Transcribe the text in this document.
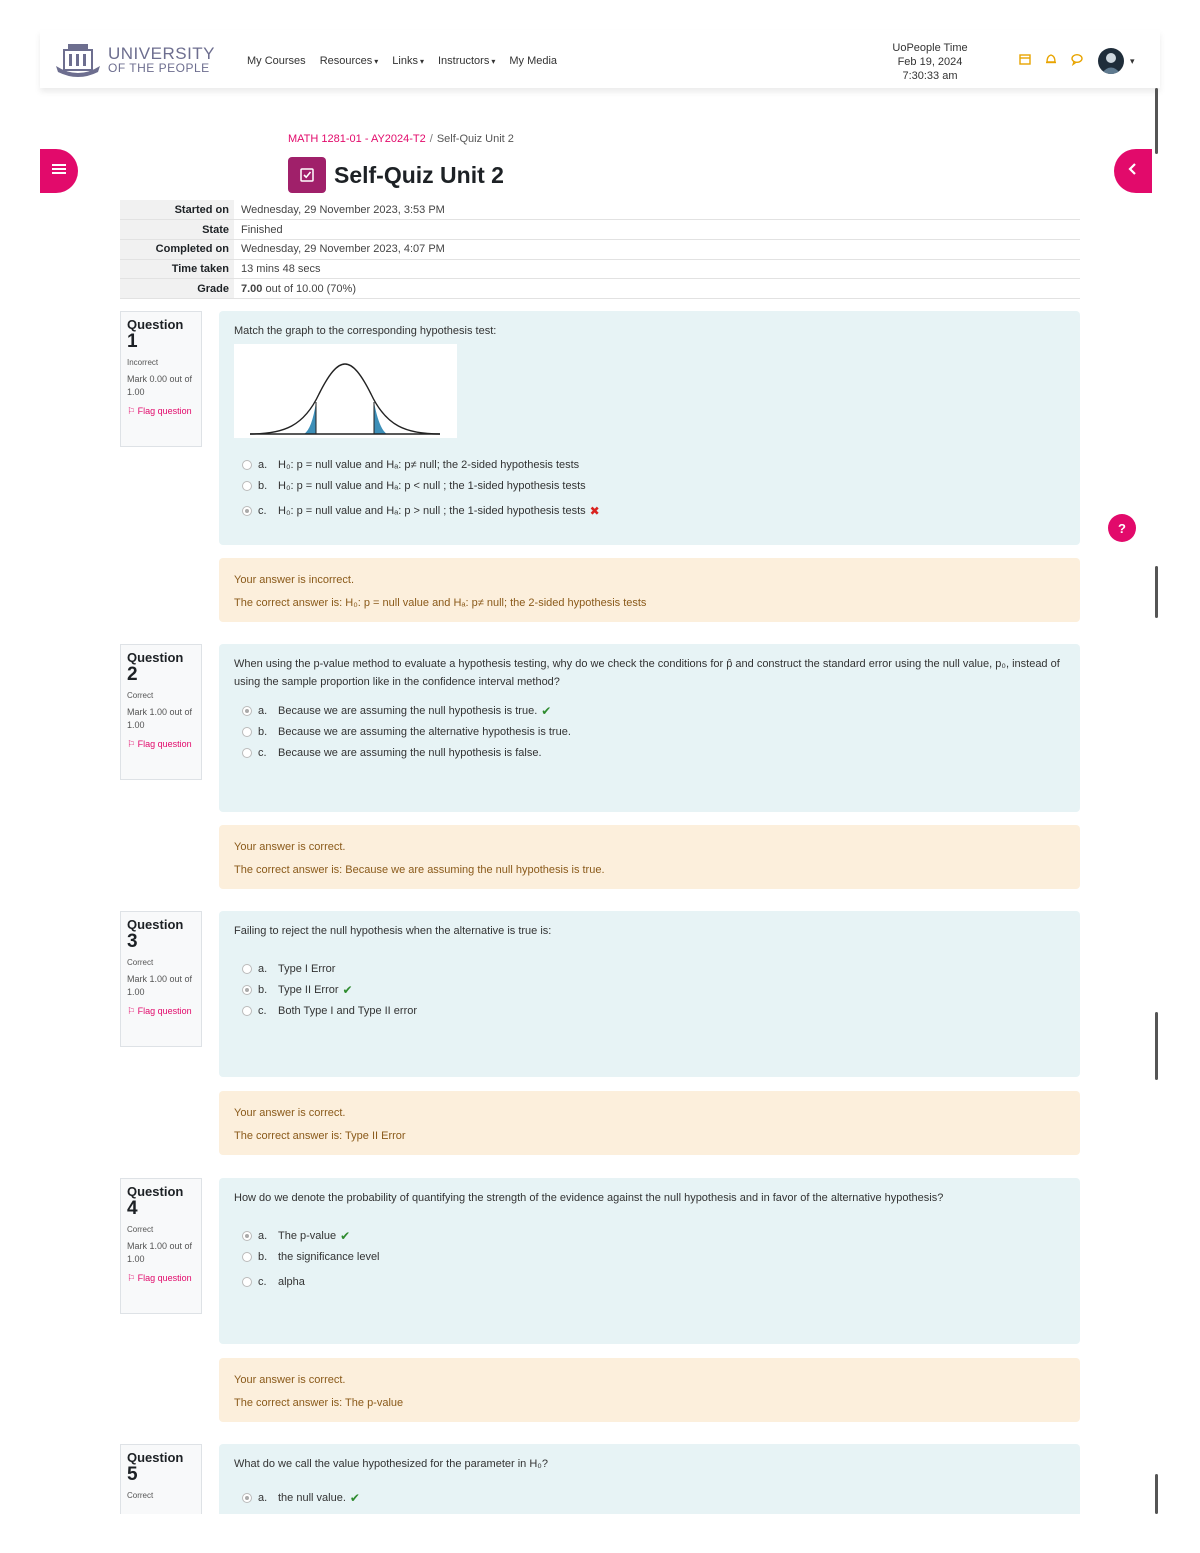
UNIVERSITY
OF THE PEOPLE	My Courses Resources ▾ Links ▾ Instructors ▾ My Media
UoPeople Time
Feb 19, 2024
7:30:33 am
▾
?
MATH 1281-01 - AY2024-T2 / Self-Quiz Unit 2
Self-Quiz Unit 2
Started on	Wednesday, 29 November 2023, 3:53 PM
State	Finished
Completed on	Wednesday, 29 November 2023, 4:07 PM
Time taken	13 mins 48 secs
Grade	7.00 out of 10.00 (70%)
Question
1
Incorrect
Mark 0.00 out of 1.00
⚐ Flag question
Match the graph to the corresponding hypothesis test:
a. H₀: p = null value and Hₐ: p≠ null; the 2-sided hypothesis tests
b. H₀: p = null value and Hₐ: p < null ; the 1-sided hypothesis tests
c.	H₀: p = null value and Hₐ: p > null ; the 1-sided hypothesis tests ✖
Your answer is incorrect.
The correct answer is: H₀: p = null value and Hₐ: p≠ null; the 2-sided hypothesis tests
Question
2
Correct
Mark 1.00 out of 1.00
⚐ Flag question
When using the p-value method to evaluate a hypothesis testing, why do we check the conditions for p̂ and construct the standard error using the null value, p₀, instead of using the sample proportion like in the confidence interval method?
a. Because we are assuming the null hypothesis is true. ✔
b. Because we are assuming the alternative hypothesis is true.
c.	Because we are assuming the null hypothesis is false.
Your answer is correct.
The correct answer is: Because we are assuming the null hypothesis is true.
Question
3
Correct
Mark 1.00 out of 1.00
⚐ Flag question
Failing to reject the null hypothesis when the alternative is true is:
a. Type I Error
b. Type II Error ✔
c.	Both Type I and Type II error
Your answer is correct.
The correct answer is: Type II Error
Question
4
Correct
Mark 1.00 out of 1.00
⚐ Flag question
How do we denote the probability of quantifying the strength of the evidence against the null hypothesis and in favor of the alternative hypothesis?
a. The p-value ✔
b. the significance level
c.	alpha
Your answer is correct.
The correct answer is: The p-value
Question
5
Correct
What do we call the value hypothesized for the parameter in H₀?
a. the null value. ✔
